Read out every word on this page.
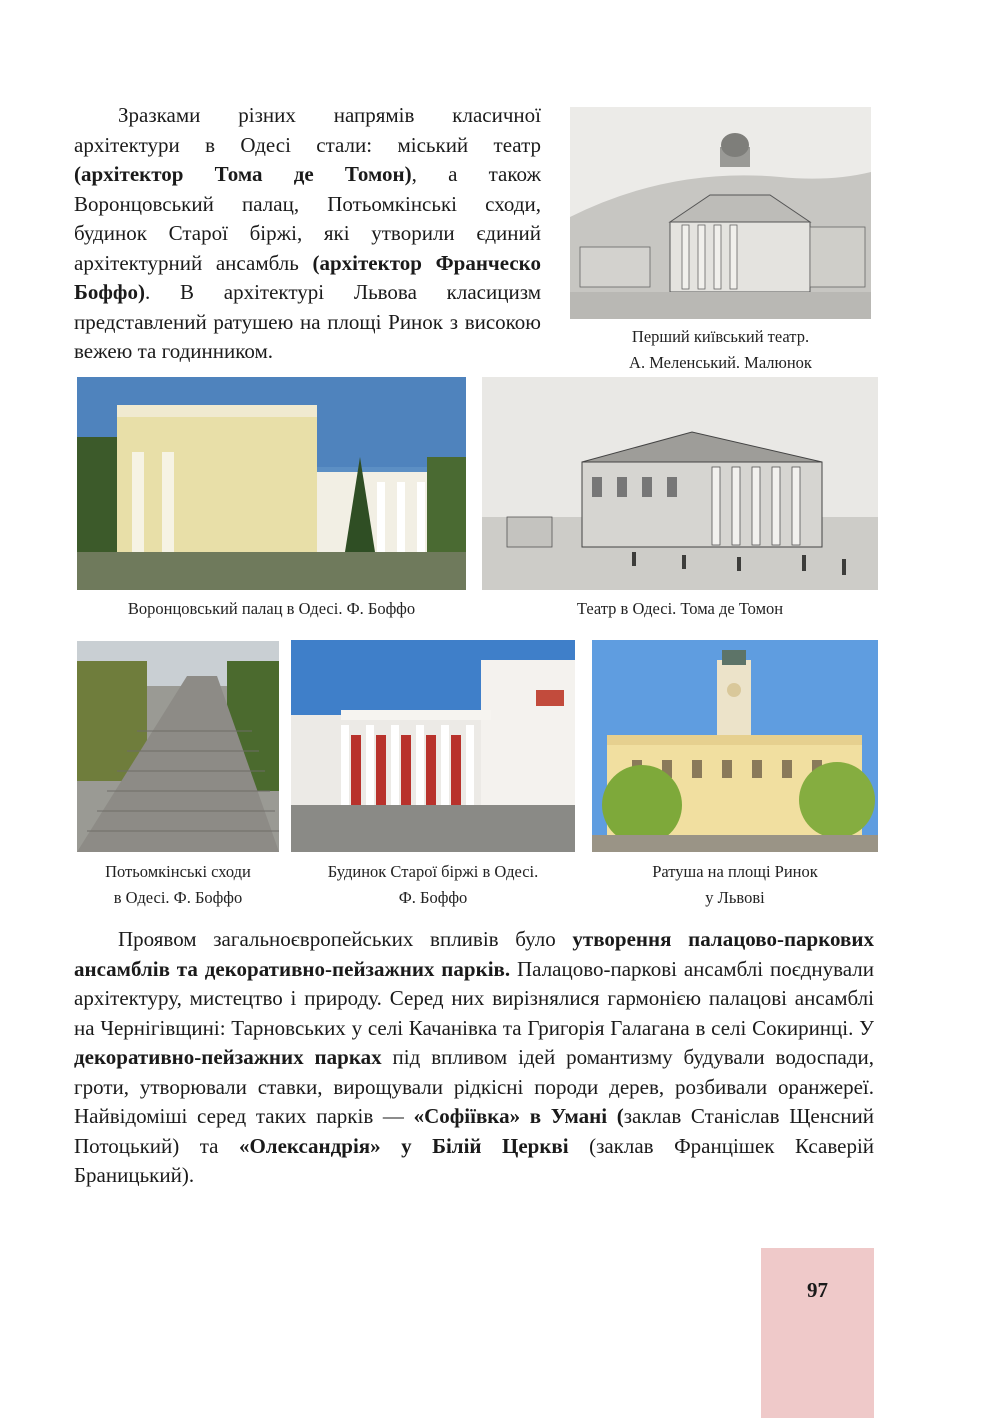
Зразками різних напрямів класичної архітектури в Одесі стали: міський театр (архітектор Тома де Томон), а також Воронцовський палац, Потьомкінські сходи, будинок Старої біржі, які утворили єдиний архітектурний ансамбль (архітектор Франческо Боффо). В архітектурі Львова класицизм представлений ратушею на площі Ринок з високою вежею та годинником.

Перший київський театр.
А. Меленський. Малюнок
Воронцовський палац в Одесі. Ф. Боффо	Театр в Одесі. Тома де Томон
Потьомкінські сходи
в Одесі. Ф. Боффо
Будинок Старої біржі в Одесі.
Ф. Боффо
Ратуша на площі Ринок
у Львові

Проявом загальноєвропейських впливів було утворення палацово-паркових ансамблів та декоративно-пейзажних парків. Палацово-паркові ансамблі поєднували архітектуру, мистецтво і природу. Серед них вирізнялися гармонією палацові ансамблі на Чернігівщині: Тарновських у селі Качанівка та Григорія Галагана в селі Сокиринці. У декоративно-пейзажних парках під впливом ідей романтизму будували водоспади, гроти, утворювали ставки, вирощували рідкісні породи дерев, розбивали оранжереї. Найвідоміші серед таких парків — «Софіївка» в Умані (заклав Станіслав Щенсний Потоцький) та «Олександрія» у Білій Церкві (заклав Францішек Ксаверій Браницький).

97
